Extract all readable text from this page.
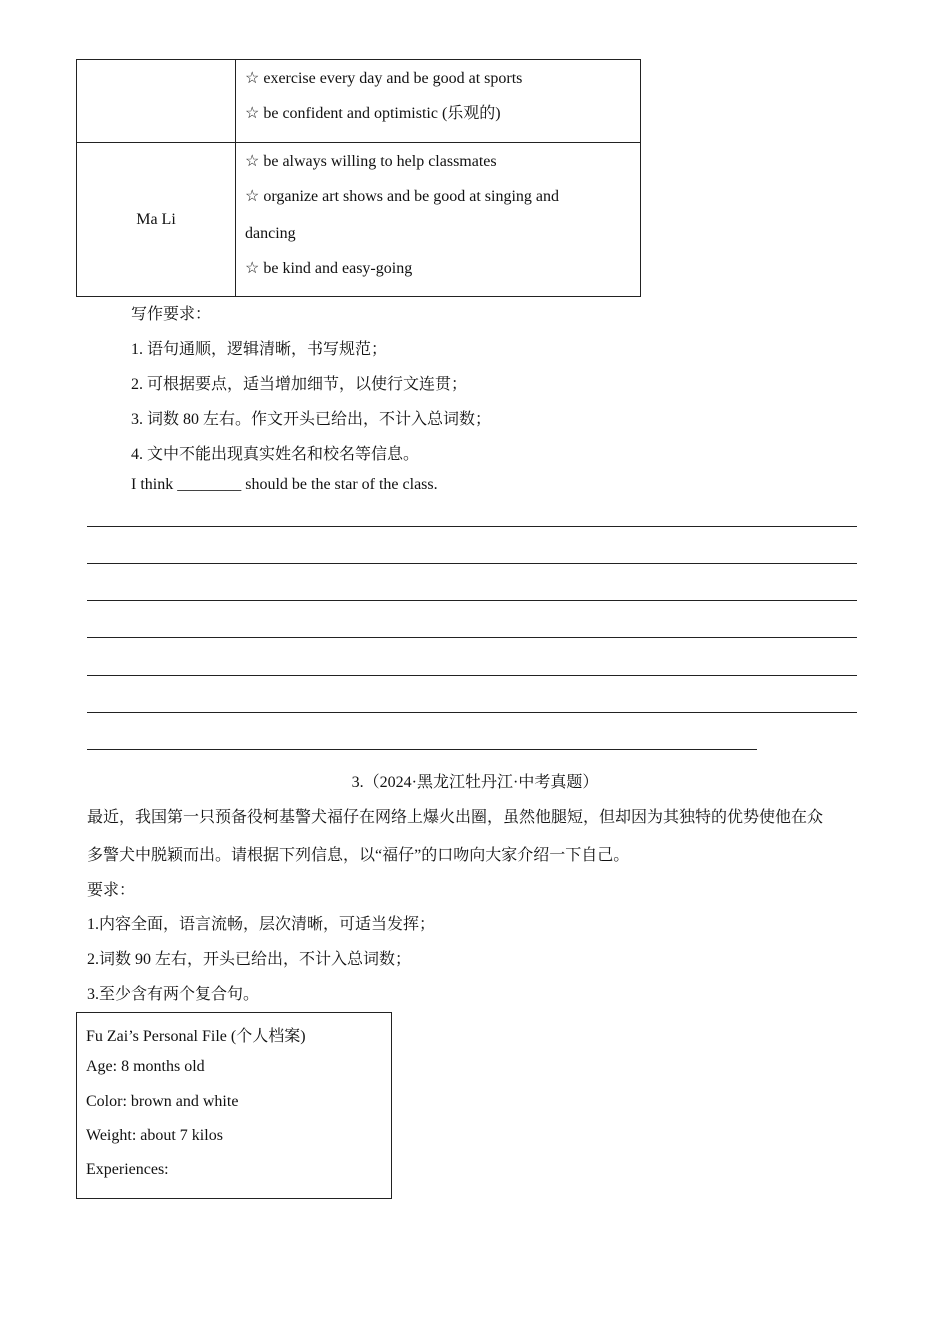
	☆ exercise every day and be good at sports
☆ be confident and optimistic (乐观的)

Ma Li	☆ be always willing to help classmates
☆ organize art shows and be good at singing and
dancing
☆ be kind and easy-going
写作要求：
1. 语句通顺，逻辑清晰，书写规范；
2. 可根据要点，适当增加细节，以使行文连贯；
3. 词数 80 左右。作文开头已给出，不计入总词数；
4. 文中不能出现真实姓名和校名等信息。
I think ________ should be the star of the class.
3.（2024·黑龙江牡丹江·中考真题）
最近，我国第一只预备役柯基警犬福仔在网络上爆火出圈，虽然他腿短，但却因为其独特的优势使他在众
多警犬中脱颖而出。请根据下列信息，以“福仔”的口吻向大家介绍一下自己。
要求：
1.内容全面，语言流畅，层次清晰，可适当发挥；
2.词数 90 左右，开头已给出，不计入总词数；
3.至少含有两个复合句。
Fu Zai’s Personal File (个人档案)
Age: 8 months old
Color: brown and white
Weight: about 7 kilos
Experiences:
